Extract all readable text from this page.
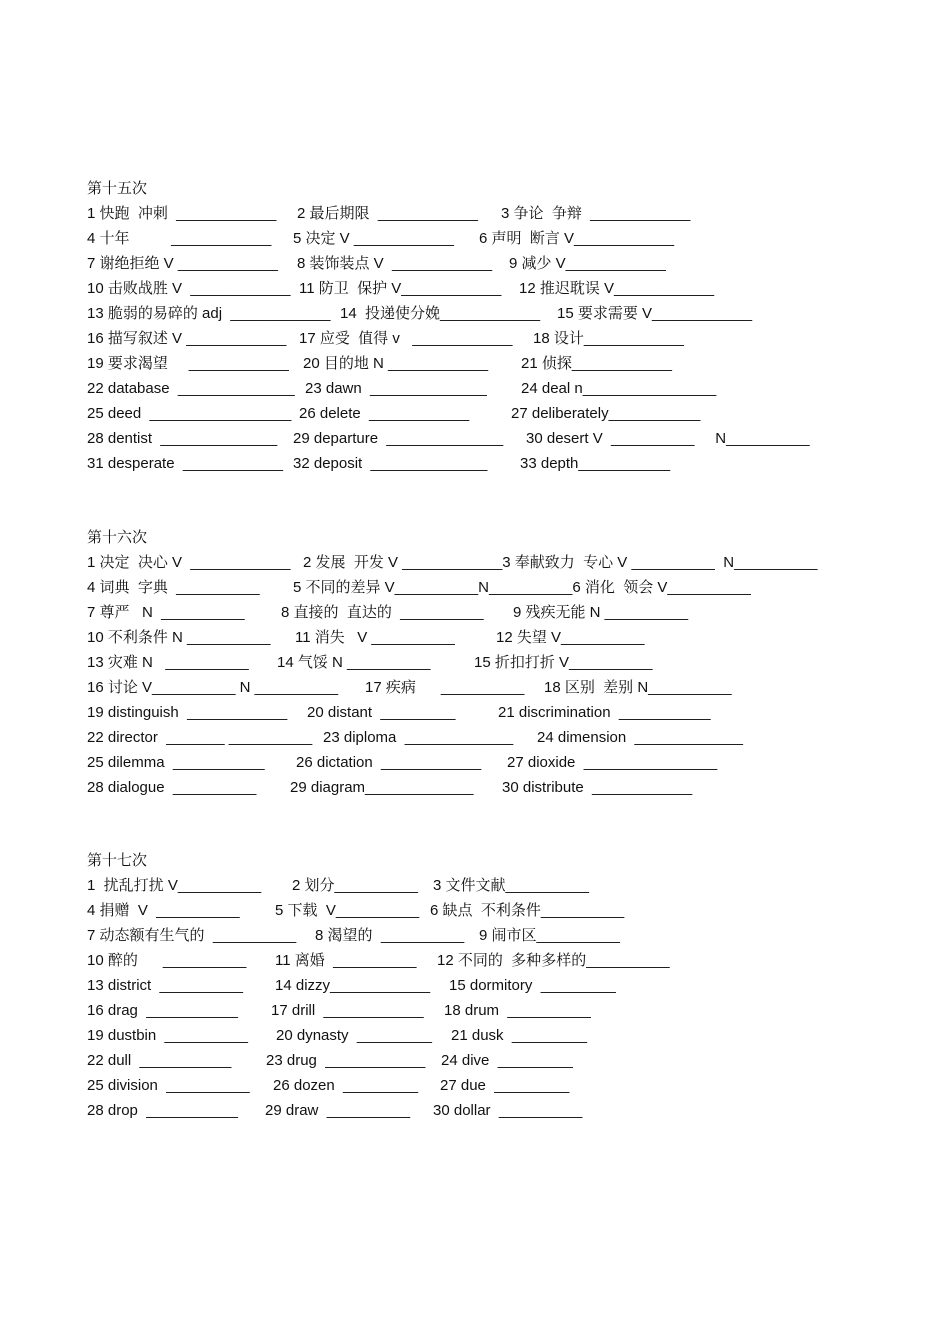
第十五次
1 快跑  冲刺  ____________ 2 最后期限  ____________ 3 争论  争辩  ____________
4 十年          ____________ 5 决定 V ____________ 6 声明  断言 V____________
7 谢绝拒绝 V ____________ 8 装饰装点 V  ____________ 9 减少 V____________
10 击败战胜 V  ____________ 11 防卫  保护 V____________ 12 推迟耽误 V____________
13 脆弱的易碎的 adj  ____________ 14  投递使分娩____________ 15 要求需要 V____________
16 描写叙述 V ____________ 17 应受  值得 v   ____________ 18 设计____________
19 要求渴望     ____________ 20 目的地 N ____________ 21 侦探____________
22 database  ______________ 23 dawn  ______________ 24 deal n________________
25 deed  _________________ 26 delete  ____________	27 deliberately___________
28 dentist  ______________ 29 departure  ______________ 30 desert V  __________     N__________
31 desperate  ____________ 32 deposit  ______________ 33 depth___________
第十六次
1 决定  决心 V  ____________ 2 发展  开发 V ____________3 奉献致力  专心 V __________  N__________
4 词典  字典  __________ 5 不同的差异 V__________N__________6 消化  领会 V__________
7 尊严   N  __________ 8 直接的  直达的  __________ 9 残疾无能 N __________
10 不利条件 N __________ 11 消失   V __________	12 失望 V__________
13 灾难 N   __________ 14 气馁 N __________	15 折扣打折 V__________
16 讨论 V__________ N __________ 17 疾病      __________ 18 区别  差别 N__________
19 distinguish  ____________ 20 distant  _________	21 discrimination  ___________
22 director  _______ __________ 23 diploma  _____________ 24 dimension  _____________
25 dilemma  ___________ 26 dictation  ____________ 27 dioxide  ________________
28 dialogue  __________ 29 diagram_____________ 30 distribute  ____________
第十七次
1  扰乱打扰 V__________ 2 划分__________ 3 文件文献__________
4 捐赠  V  __________ 5 下载  V__________ 6 缺点  不利条件__________
7 动态额有生气的  __________ 8 渴望的  __________ 9 闹市区__________
10 醉的      __________ 11 离婚  __________ 12 不同的  多种多样的__________
13 district  __________ 14 dizzy____________ 15 dormitory  _________
16 drag  ___________ 17 drill  ____________ 18 drum  __________
19 dustbin  __________ 20 dynasty  _________ 21 dusk  _________
22 dull  ___________ 23 drug  ____________ 24 dive  _________
25 division  __________ 26 dozen  _________ 27 due  _________
28 drop  ___________ 29 draw  __________ 30 dollar  __________
